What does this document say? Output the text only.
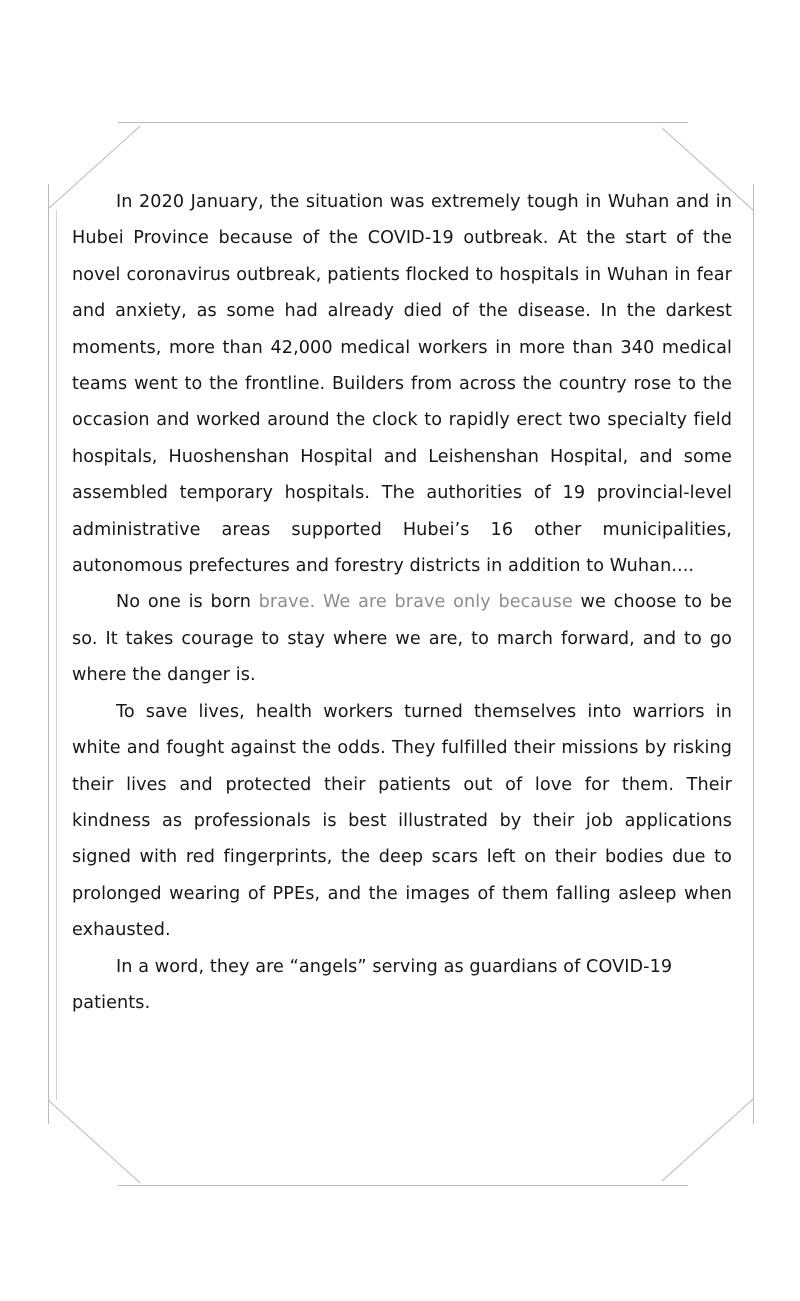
In 2020 January, the situation was extremely tough in Wuhan and in Hubei Province because of the COVID-19 outbreak. At the start of the novel coronavirus outbreak, patients flocked to hospitals in Wuhan in fear and anxiety, as some had already died of the disease. In the darkest moments, more than 42,000 medical workers in more than 340 medical teams went to the frontline. Builders from across the country rose to the occasion and worked around the clock to rapidly erect two specialty field hospitals, Huoshenshan Hospital and Leishenshan Hospital, and some assembled temporary hospitals. The authorities of 19 provincial-level administrative areas supported Hubei’s 16 other municipalities, autonomous prefectures and forestry districts in addition to Wuhan....

No one is born brave. We are brave only because we choose to be so. It takes courage to stay where we are, to march forward, and to go where the danger is.

To save lives, health workers turned themselves into warriors in white and fought against the odds. They fulfilled their missions by risking their lives and protected their patients out of love for them. Their kindness as professionals is best illustrated by their job applications signed with red fingerprints, the deep scars left on their bodies due to prolonged wearing of PPEs, and the images of them falling asleep when exhausted.

In a word, they are “angels” serving as guardians of COVID-19 patients.
